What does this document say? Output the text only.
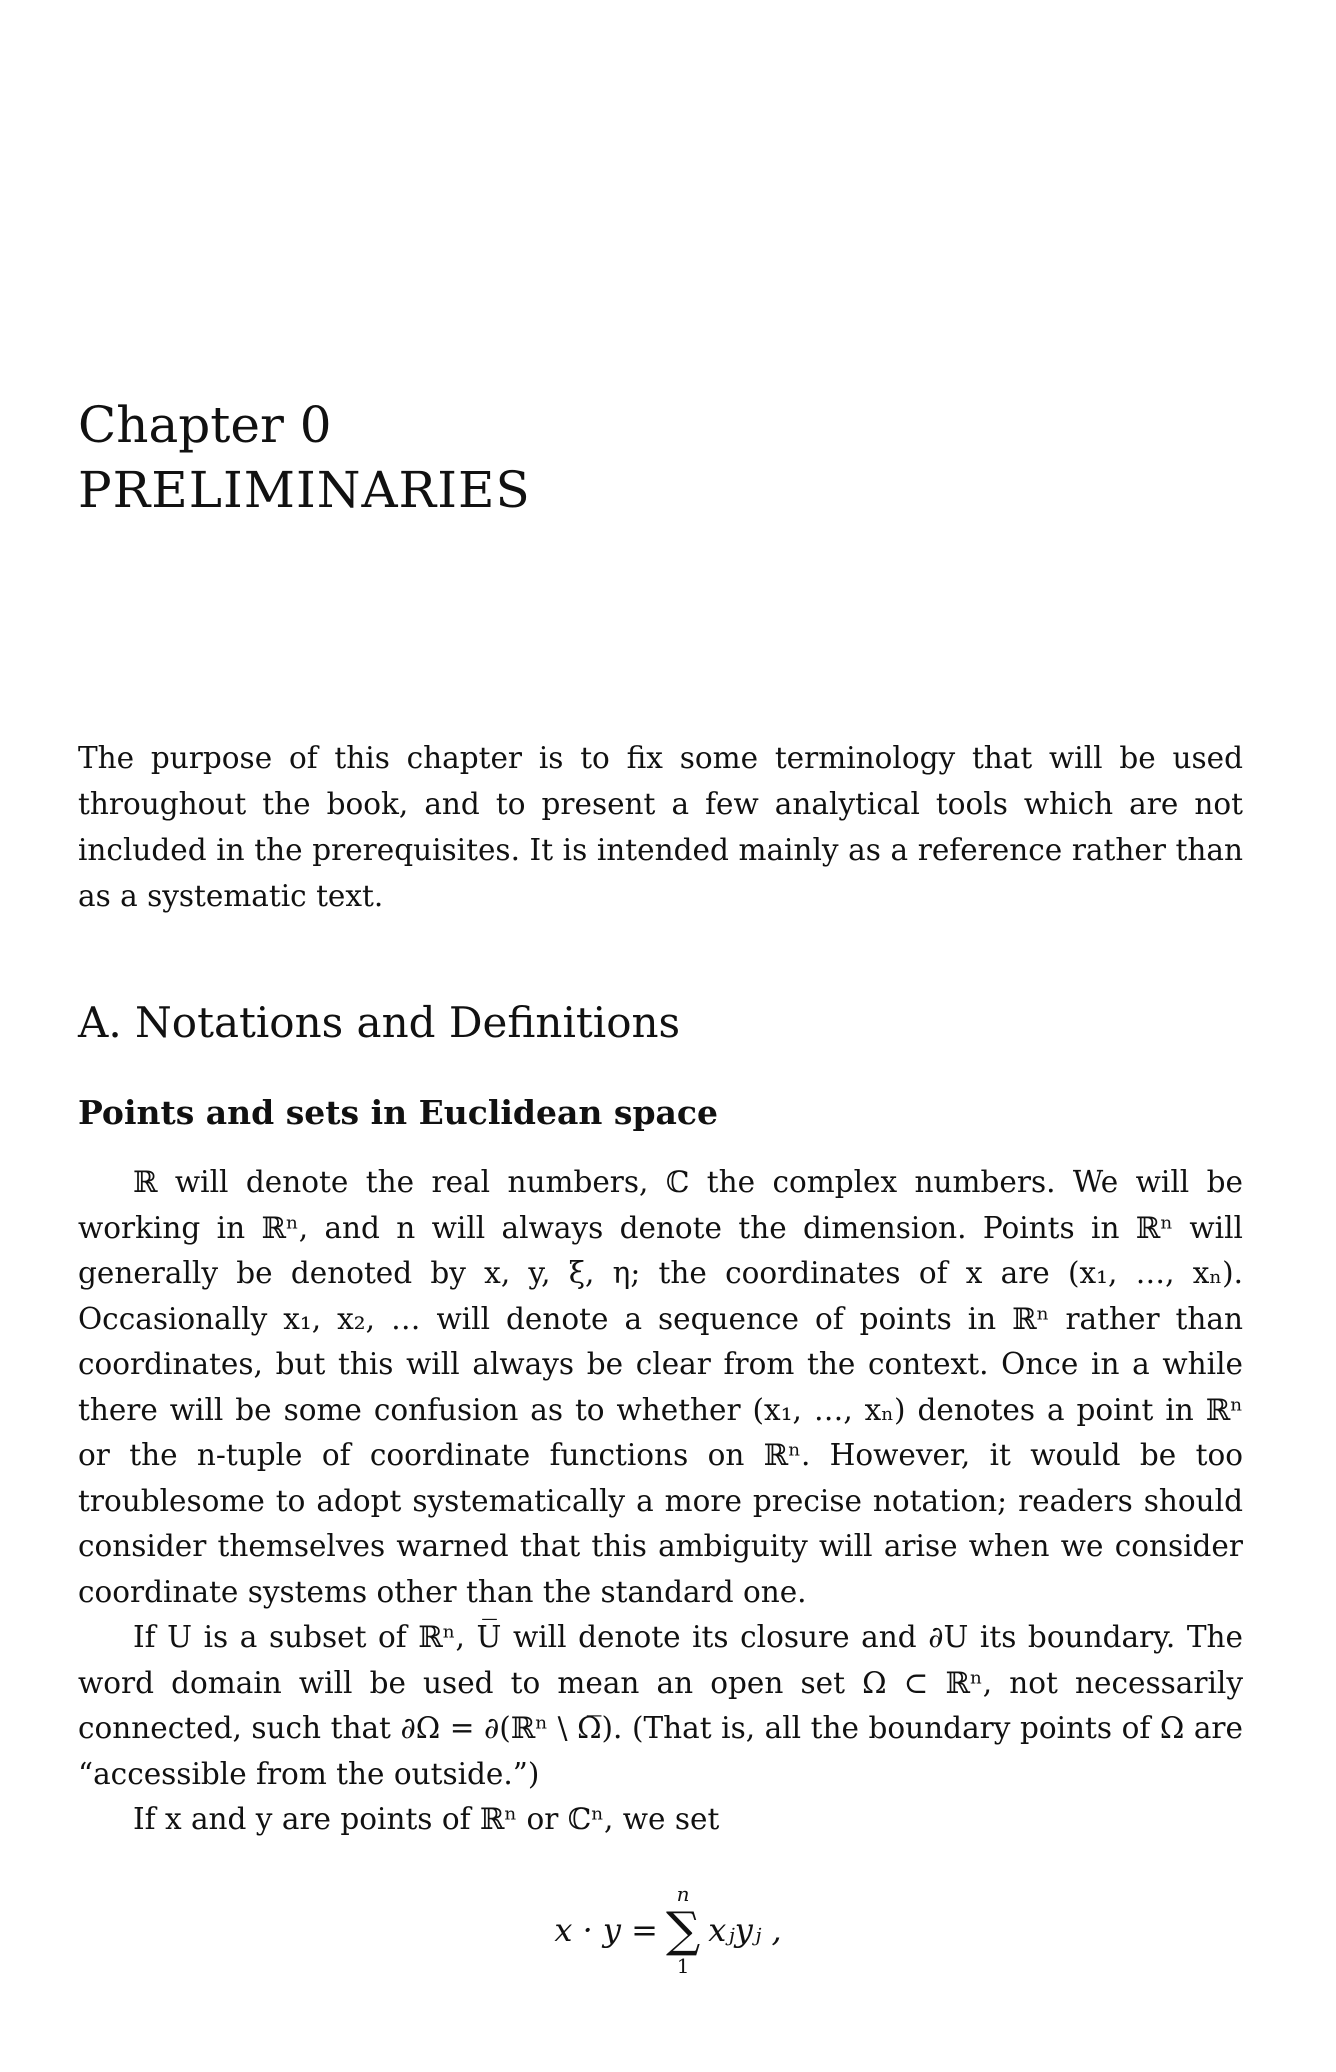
Chapter 0
PRELIMINARIES

The purpose of this chapter is to fix some terminology that will be used throughout the book, and to present a few analytical tools which are not included in the prerequisites. It is intended mainly as a reference rather than as a systematic text.

A. Notations and Definitions
Points and sets in Euclidean space

ℝ will denote the real numbers, ℂ the complex numbers. We will be working in ℝⁿ, and n will always denote the dimension. Points in ℝⁿ will generally be denoted by x, y, ξ, η; the coordinates of x are (x₁, …, xₙ). Occasionally x₁, x₂, … will denote a sequence of points in ℝⁿ rather than coordinates, but this will always be clear from the context. Once in a while there will be some confusion as to whether (x₁, …, xₙ) denotes a point in ℝⁿ or the n-tuple of coordinate functions on ℝⁿ. However, it would be too troublesome to adopt systematically a more precise notation; readers should consider themselves warned that this ambiguity will arise when we consider coordinate systems other than the standard one.

If U is a subset of ℝⁿ, U̅ will denote its closure and ∂U its boundary. The word domain will be used to mean an open set Ω ⊂ ℝⁿ, not necessarily connected, such that ∂Ω = ∂(ℝⁿ \ Ω̅). (That is, all the boundary points of Ω are “accessible from the outside.”)

If x and y are points of ℝⁿ or ℂⁿ, we set

x · y =
n
∑
1
xⱼyⱼ ,
